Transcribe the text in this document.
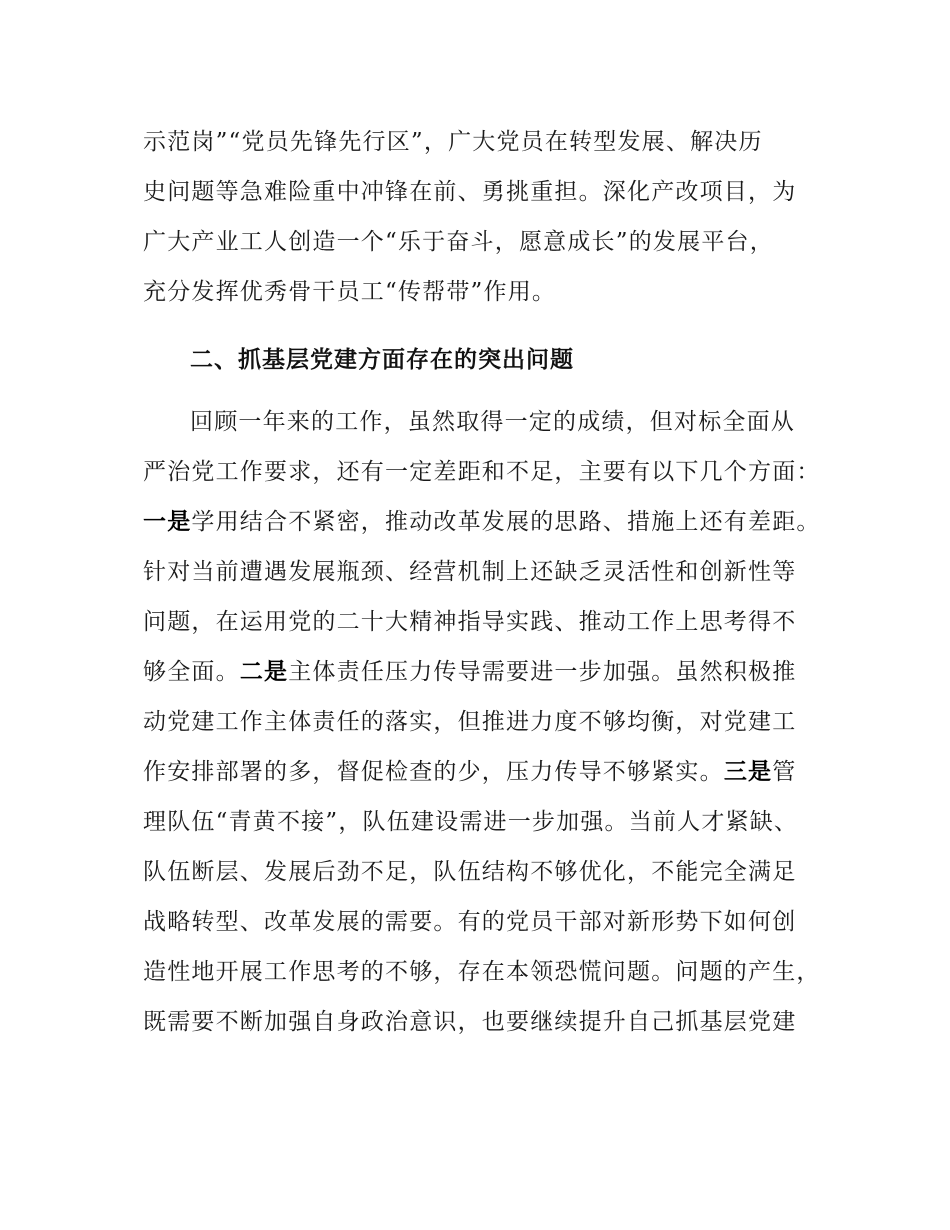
示范岗”“党员先锋先行区”，广大党员在转型发展、解决历
史问题等急难险重中冲锋在前、勇挑重担。深化产改项目，为
广大产业工人创造一个“乐于奋斗，愿意成长”的发展平台，
充分发挥优秀骨干员工“传帮带”作用。
二、抓基层党建方面存在的突出问题
回顾一年来的工作，虽然取得一定的成绩，但对标全面从
严治党工作要求，还有一定差距和不足，主要有以下几个方面：
一是学用结合不紧密，推动改革发展的思路、措施上还有差距。
针对当前遭遇发展瓶颈、经营机制上还缺乏灵活性和创新性等
问题，在运用党的二十大精神指导实践、推动工作上思考得不
够全面。二是主体责任压力传导需要进一步加强。虽然积极推
动党建工作主体责任的落实，但推进力度不够均衡，对党建工
作安排部署的多，督促检查的少，压力传导不够紧实。三是管
理队伍“青黄不接”，队伍建设需进一步加强。当前人才紧缺、
队伍断层、发展后劲不足，队伍结构不够优化，不能完全满足
战略转型、改革发展的需要。有的党员干部对新形势下如何创
造性地开展工作思考的不够，存在本领恐慌问题。问题的产生，
既需要不断加强自身政治意识，也要继续提升自己抓基层党建
